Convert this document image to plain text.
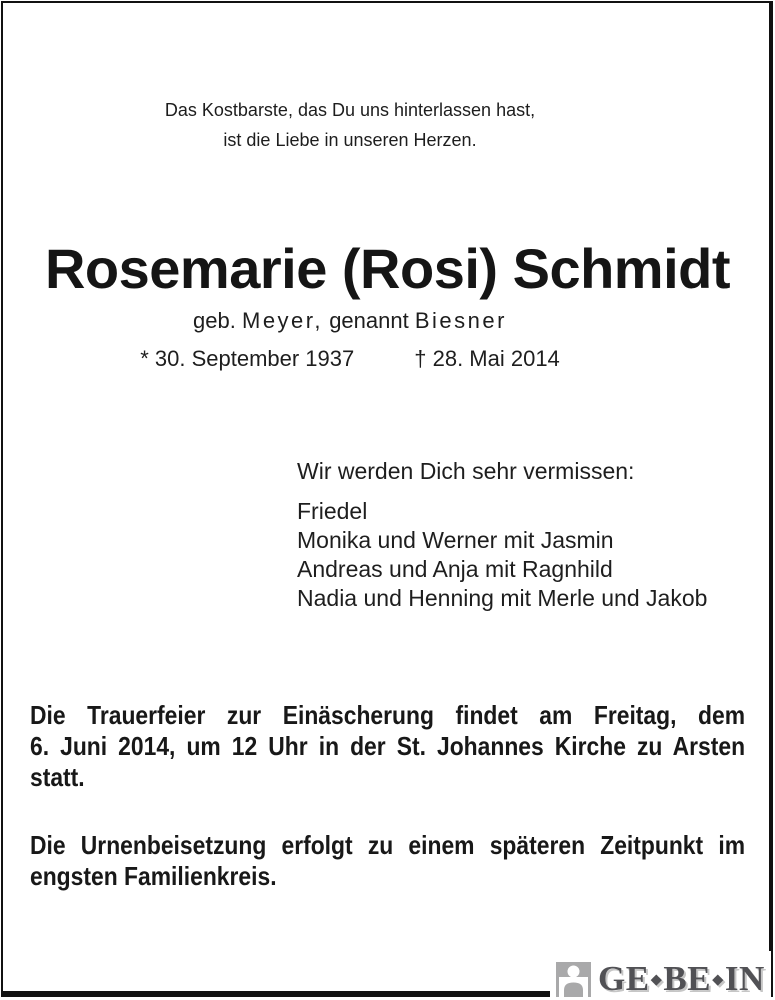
Das Kostbarste, das Du uns hinterlassen hast,
ist die Liebe in unseren Herzen.
Rosemarie (Rosi) Schmidt
geb. Meyer, genannt Biesner
* 30. September 1937	† 28. Mai 2014
Wir werden Dich sehr vermissen:
Friedel
Monika und Werner mit Jasmin
Andreas und Anja mit Ragnhild
Nadia und Henning mit Merle und Jakob
Die Trauerfeier zur Einäscherung findet am Freitag, dem
6. Juni 2014, um 12 Uhr in der St. Johannes Kirche zu Arsten
statt.
Die Urnenbeisetzung erfolgt zu einem späteren Zeitpunkt im
engsten Familienkreis.
GE◆BE◆IN
